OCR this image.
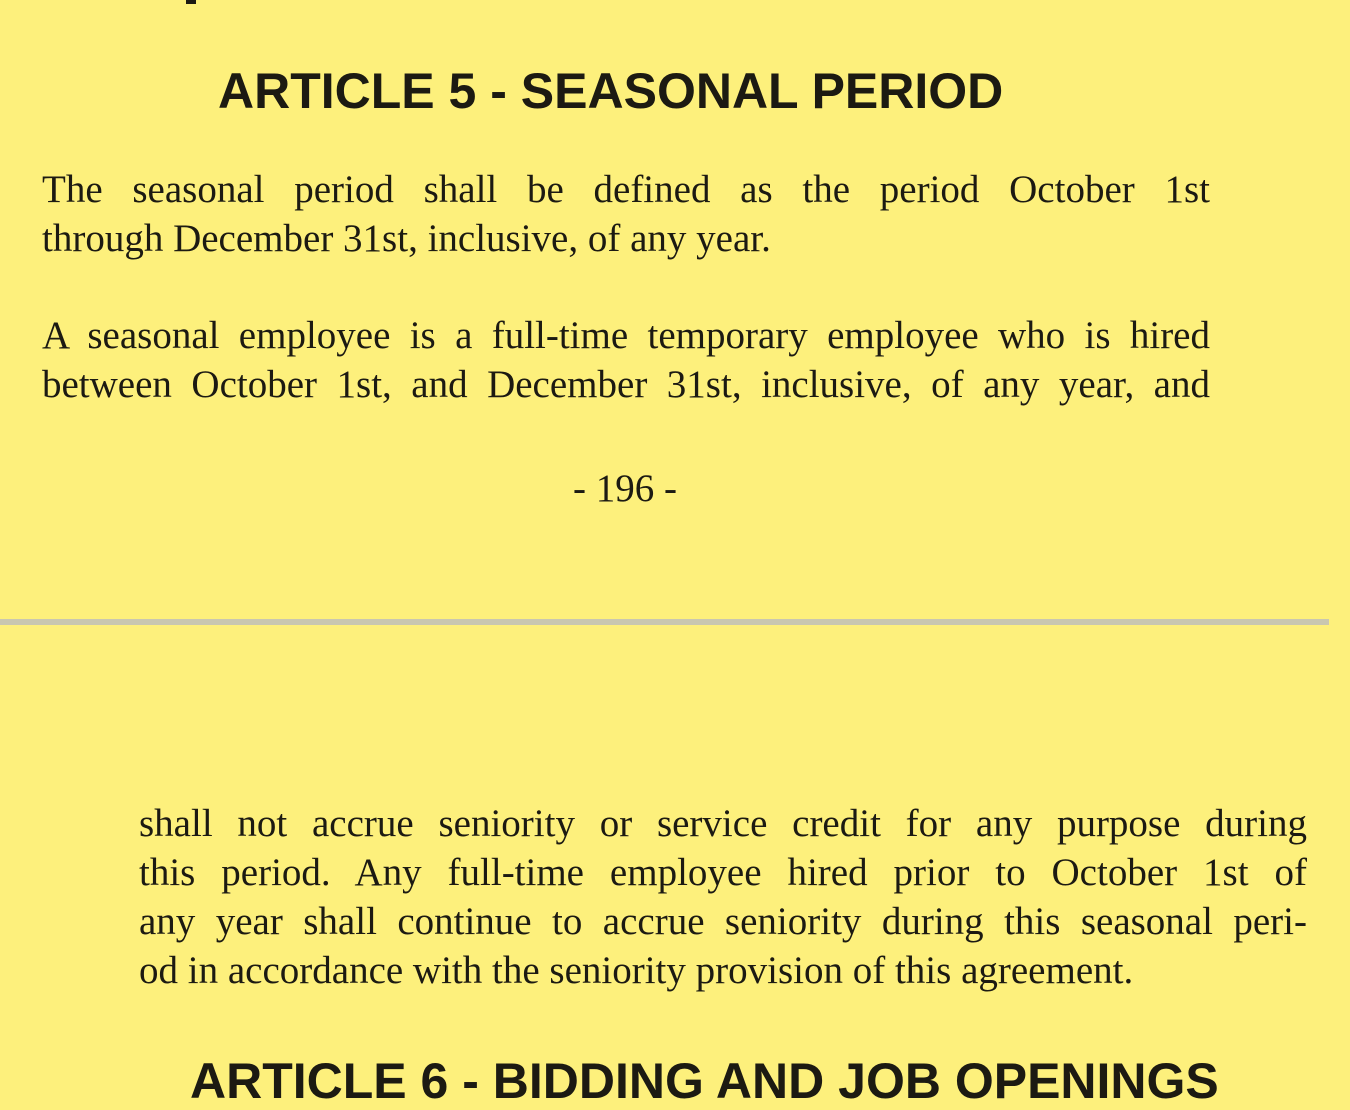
ARTICLE 5 - SEASONAL PERIOD

The seasonal period shall be defined as the period October 1st
through December 31st, inclusive, of any year.

A seasonal employee is a full-time temporary employee who is hired
between October 1st, and December 31st, inclusive, of any year, and

- 196 -

shall not accrue seniority or service credit for any purpose during
this period. Any full-time employee hired prior to October 1st of
any year shall continue to accrue seniority during this seasonal peri-
od in accordance with the seniority provision of this agreement.

ARTICLE 6 - BIDDING AND JOB OPENINGS
